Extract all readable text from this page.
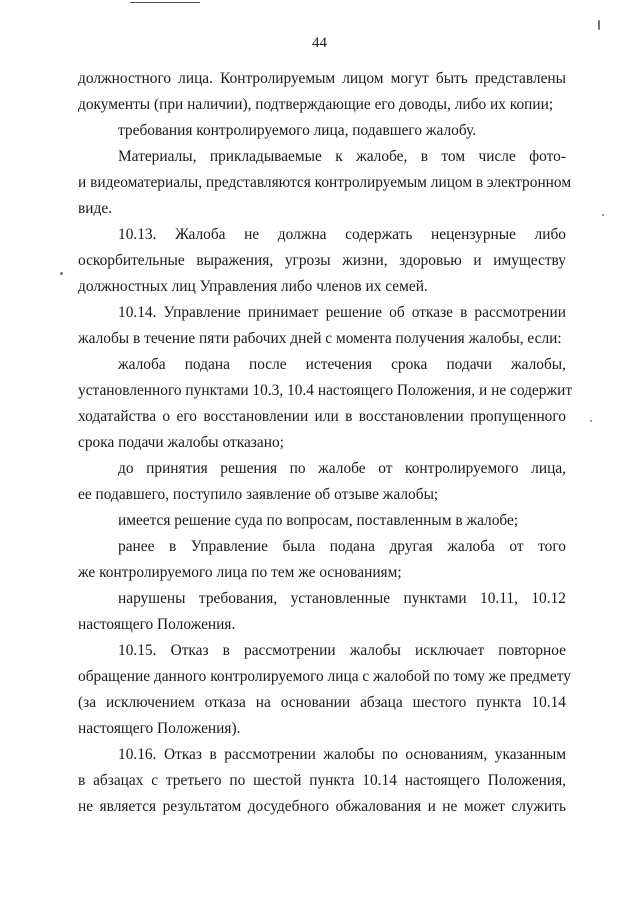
44
должностного лица. Контролируемым лицом могут быть представлены
документы (при наличии), подтверждающие его доводы, либо их копии;
требования контролируемого лица, подавшего жалобу.
Материалы, прикладываемые к жалобе, в том числе фото-
и видеоматериалы, представляются контролируемым лицом в электронном
виде.
10.13. Жалоба не должна содержать нецензурные либо
оскорбительные выражения, угрозы жизни, здоровью и имуществу
должностных лиц Управления либо членов их семей.
10.14. Управление принимает решение об отказе в рассмотрении
жалобы в течение пяти рабочих дней с момента получения жалобы, если:
жалоба подана после истечения срока подачи жалобы,
установленного пунктами 10.3, 10.4 настоящего Положения, и не содержит
ходатайства о его восстановлении или в восстановлении пропущенного
срока подачи жалобы отказано;
до принятия решения по жалобе от контролируемого лица,
ее подавшего, поступило заявление об отзыве жалобы;
имеется решение суда по вопросам, поставленным в жалобе;
ранее в Управление была подана другая жалоба от того
же контролируемого лица по тем же основаниям;
нарушены требования, установленные пунктами 10.11, 10.12
настоящего Положения.
10.15. Отказ в рассмотрении жалобы исключает повторное
обращение данного контролируемого лица с жалобой по тому же предмету
(за исключением отказа на основании абзаца шестого пункта 10.14
настоящего Положения).
10.16. Отказ в рассмотрении жалобы по основаниям, указанным
в абзацах с третьего по шестой пункта 10.14 настоящего Положения,
не является результатом досудебного обжалования и не может служить
